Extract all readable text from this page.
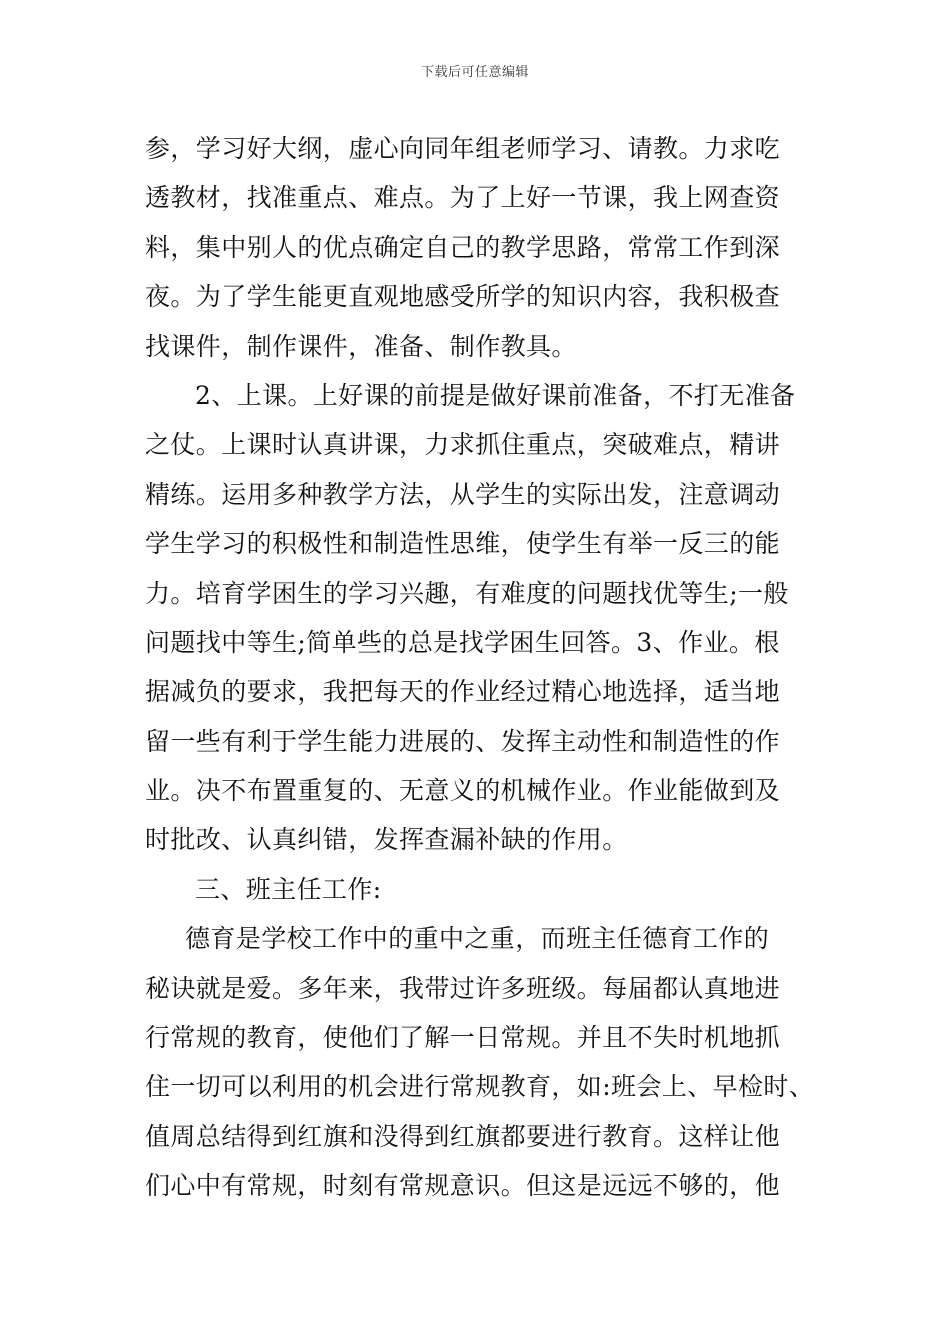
下载后可任意编辑
参，学习好大纲，虚心向同年组老师学习、请教。力求吃
透教材，找准重点、难点。为了上好一节课，我上网查资
料，集中别人的优点确定自己的教学思路，常常工作到深
夜。为了学生能更直观地感受所学的知识内容，我积极查
找课件，制作课件，准备、制作教具。
2、上课。上好课的前提是做好课前准备，不打无准备
之仗。上课时认真讲课，力求抓住重点，突破难点，精讲
精练。运用多种教学方法，从学生的实际出发，注意调动
学生学习的积极性和制造性思维，使学生有举一反三的能
力。培育学困生的学习兴趣，有难度的问题找优等生;一般
问题找中等生;简单些的总是找学困生回答。3、作业。根
据减负的要求，我把每天的作业经过精心地选择，适当地
留一些有利于学生能力进展的、发挥主动性和制造性的作
业。决不布置重复的、无意义的机械作业。作业能做到及
时批改、认真纠错，发挥查漏补缺的作用。
三、班主任工作:
德育是学校工作中的重中之重，而班主任德育工作的
秘诀就是爱。多年来，我带过许多班级。每届都认真地进
行常规的教育，使他们了解一日常规。并且不失时机地抓
住一切可以利用的机会进行常规教育，如:班会上、早检时、
值周总结得到红旗和没得到红旗都要进行教育。这样让他
们心中有常规，时刻有常规意识。但这是远远不够的，他
